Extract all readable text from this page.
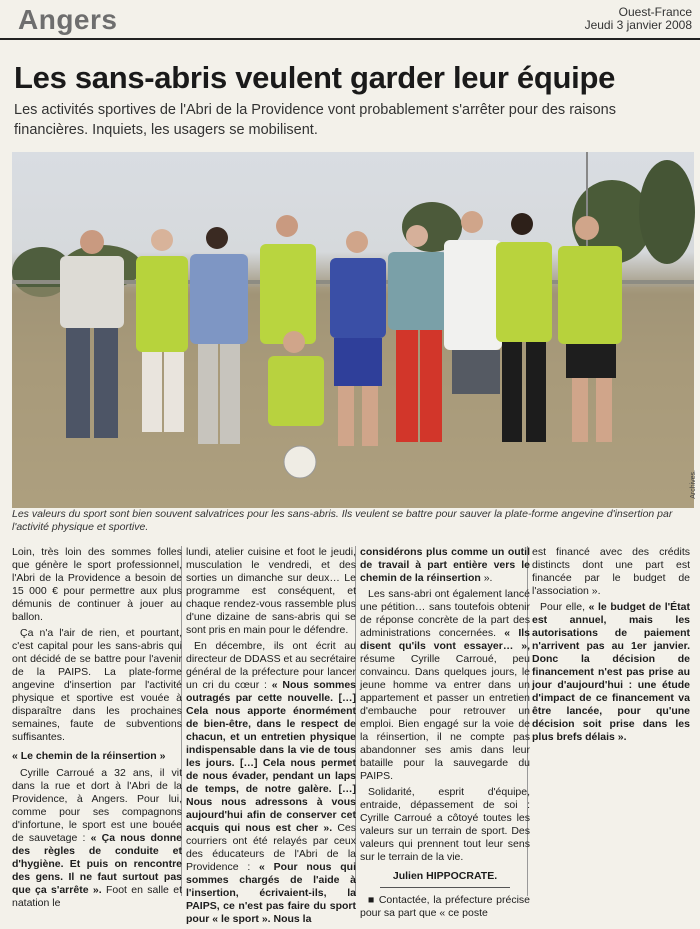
Angers	Ouest-France
Jeudi 3 janvier 2008
Les sans-abris veulent garder leur équipe
Les activités sportives de l'Abri de la Providence vont probablement s'arrêter pour des raisons financières. Inquiets, les usagers se mobilisent.
Archives.
Les valeurs du sport sont bien souvent salvatrices pour les sans-abris. Ils veulent se battre pour sauver la plate-forme angevine d'insertion par l'activité physique et sportive.

Loin, très loin des sommes folles que génère le sport professionnel, l'Abri de la Providence a besoin de 15 000 € pour permettre aux plus démunis de continuer à jouer au ballon.

Ça n'a l'air de rien, et pourtant, c'est capital pour les sans-abris qui ont décidé de se battre pour l'avenir de la PAIPS. La plate-forme angevine d'insertion par l'activité physique et sportive est vouée à disparaître dans les prochaines semaines, faute de subventions suffisantes.

« Le chemin de la réinsertion »

Cyrille Carroué a 32 ans, il vit dans la rue et dort à l'Abri de la Providence, à Angers. Pour lui, comme pour ses compagnons d'infortune, le sport est une bouée de sauvetage : « Ça nous donne des règles de conduite et d'hygiène. Et puis on rencontre des gens. Il ne faut surtout pas que ça s'arrête ». Foot en salle et natation le

lundi, atelier cuisine et foot le jeudi, musculation le vendredi, et des sorties un dimanche sur deux… Le programme est conséquent, et chaque rendez-vous rassemble plus d'une dizaine de sans-abris qui se sont pris en main pour le défendre.

En décembre, ils ont écrit au directeur de DDASS et au secrétaire général de la préfecture pour lancer un cri du cœur : « Nous sommes outragés par cette nouvelle. […] Cela nous apporte énormément de bien-être, dans le respect de chacun, et un entretien physique indispensable dans la vie de tous les jours. […] Cela nous permet de nous évader, pendant un laps de temps, de notre galère. […] Nous nous adressons à vous aujourd'hui afin de conserver cet acquis qui nous est cher ». Ces courriers ont été relayés par ceux des éducateurs de l'Abri de la Providence : « Pour nous qui sommes chargés de l'aide à l'insertion, écrivaient-ils, la PAIPS, ce n'est pas faire du sport pour « le sport ». Nous la

considérons plus comme un outil de travail à part entière vers le chemin de la réinsertion ».

Les sans-abri ont également lancé une pétition… sans toutefois obtenir de réponse concrète de la part des administrations concernées. « Ils disent qu'ils vont essayer… », résume Cyrille Carroué, peu convaincu. Dans quelques jours, le jeune homme va entrer dans un appartement et passer un entretien d'embauche pour retrouver un emploi. Bien engagé sur la voie de la réinsertion, il ne compte pas abandonner ses amis dans leur bataille pour la sauvegarde du PAIPS.

Solidarité, esprit d'équipe, entraide, dépassement de soi : Cyrille Carroué a côtoyé toutes les valeurs sur un terrain de sport. Des valeurs qui prennent tout leur sens sur le terrain de la vie.

Julien HIPPOCRATE.

■ Contactée, la préfecture précise pour sa part que « ce poste

est financé avec des crédits distincts dont une part est financée par le budget de l'association ».

Pour elle, « le budget de l'État est annuel, mais les autorisations de paiement n'arrivent pas au 1er janvier. Donc la décision de financement n'est pas prise au jour d'aujourd'hui : une étude d'impact de ce financement va être lancée, pour qu'une décision soit prise dans les plus brefs délais ».
